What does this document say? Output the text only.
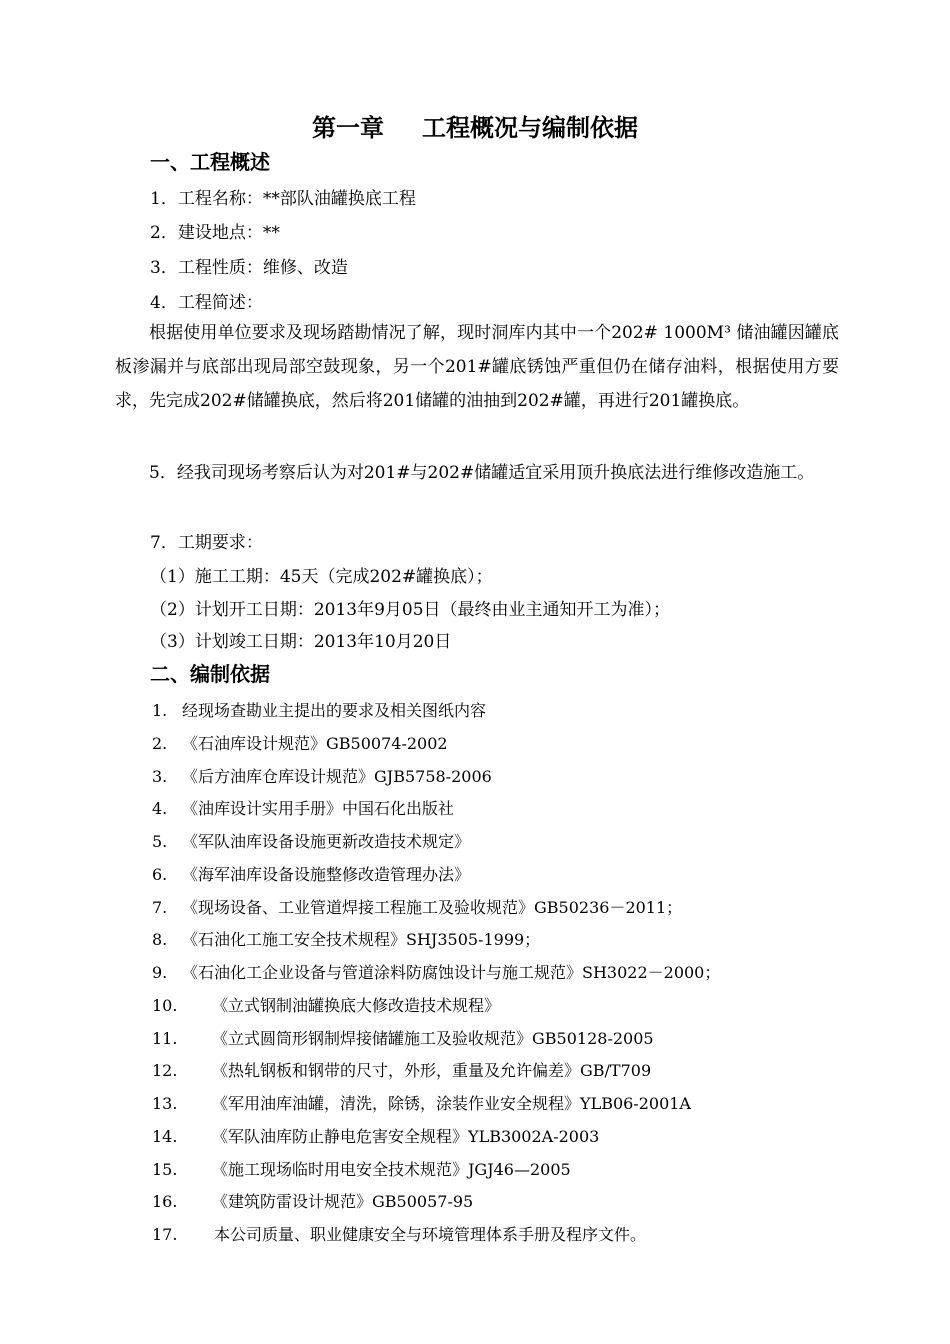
第一章 工程概况与编制依据
一、工程概述
1．工程名称：**部队油罐换底工程
2．建设地点：**
3．工程性质：维修、改造
4．工程简述：
根据使用单位要求及现场踏勘情况了解，现时洞库内其中一个202# 1000M³ 储油罐因罐底板渗漏并与底部出现局部空鼓现象，另一个201#罐底锈蚀严重但仍在储存油料，根据使用方要求，先完成202#储罐换底，然后将201储罐的油抽到202#罐，再进行201罐换底。
5．经我司现场考察后认为对201#与202#储罐适宜采用顶升换底法进行维修改造施工。
7．工期要求：
（1）施工工期：45天（完成202#罐换底）；
（2）计划开工日期：2013年9月05日（最终由业主通知开工为准）；
（3）计划竣工日期：2013年10月20日
二、编制依据
1. 经现场查勘业主提出的要求及相关图纸内容
2. 《石油库设计规范》GB50074-2002
3. 《后方油库仓库设计规范》GJB5758-2006
4. 《油库设计实用手册》中国石化出版社
5. 《军队油库设备设施更新改造技术规定》
6. 《海军油库设备设施整修改造管理办法》
7. 《现场设备、工业管道焊接工程施工及验收规范》GB50236－2011；
8. 《石油化工施工安全技术规程》SHJ3505-1999；
9. 《石油化工企业设备与管道涂料防腐蚀设计与施工规范》SH3022－2000；
10. 《立式钢制油罐换底大修改造技术规程》
11. 《立式圆筒形钢制焊接储罐施工及验收规范》GB50128-2005
12. 《热轧钢板和钢带的尺寸，外形，重量及允许偏差》GB/T709
13. 《军用油库油罐，清洗，除锈，涂装作业安全规程》YLB06-2001A
14. 《军队油库防止静电危害安全规程》YLB3002A-2003
15. 《施工现场临时用电安全技术规范》JGJ46—2005
16. 《建筑防雷设计规范》GB50057-95
17. 本公司质量、职业健康安全与环境管理体系手册及程序文件。
